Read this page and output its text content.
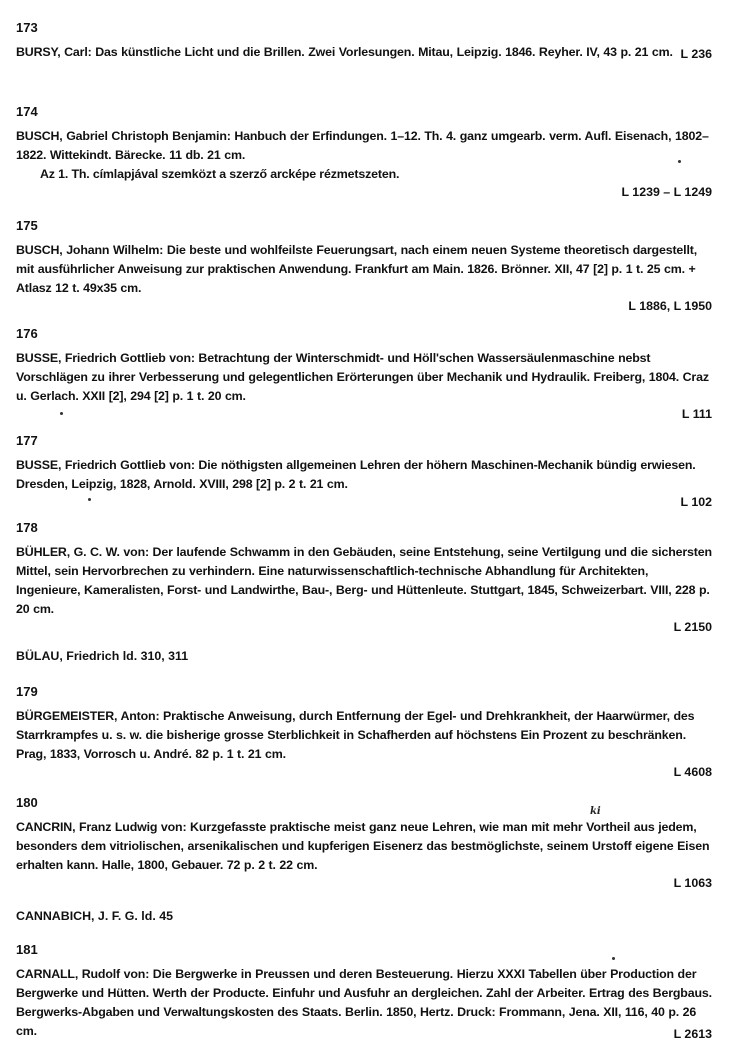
173

BURSY, Carl: Das künstliche Licht und die Brillen. Zwei Vorlesungen. Mitau, Leipzig. 1846. Reyher. IV, 43 p. 21 cm. L 236
174

BUSCH, Gabriel Christoph Benjamin: Hanbuch der Erfindungen. 1–12. Th. 4. ganz umgearb. verm. Aufl. Eisenach, 1802–1822. Wittekindt. Bärecke. 11 db. 21 cm.

Az 1. Th. címlapjával szemközt a szerző arcképe rézmetszeten.

L 1239 – L 1249
175

BUSCH, Johann Wilhelm: Die beste und wohlfeilste Feuerungsart, nach einem neuen Systeme theoretisch dargestellt, mit ausführlicher Anweisung zur praktischen Anwendung. Frankfurt am Main. 1826. Brönner. XII, 47 [2] p. 1 t. 25 cm. + Atlasz 12 t. 49x35 cm.

L 1886, L 1950
176

BUSSE, Friedrich Gottlieb von: Betrachtung der Winterschmidt- und Höll'schen Wassersäulenmaschine nebst Vorschlägen zu ihrer Verbesserung und gelegentlichen Erörterungen über Mechanik und Hydraulik. Freiberg, 1804. Craz u. Gerlach. XXII [2], 294 [2] p. 1 t. 20 cm.

L 111
177

BUSSE, Friedrich Gottlieb von: Die nöthigsten allgemeinen Lehren der höhern Maschinen-Mechanik bündig erwiesen. Dresden, Leipzig, 1828, Arnold. XVIII, 298 [2] p. 2 t. 21 cm.

L 102
178

BÜHLER, G. C. W. von: Der laufende Schwamm in den Gebäuden, seine Entstehung, seine Vertilgung und die sichersten Mittel, sein Hervorbrechen zu verhindern. Eine naturwissenschaftlich-technische Abhandlung für Architekten, Ingenieure, Kameralisten, Forst- und Landwirthe, Bau-, Berg- und Hüttenleute. Stuttgart, 1845, Schweizerbart. VIII, 228 p. 20 cm.

L 2150
BÜLAU, Friedrich ld. 310, 311
179

BÜRGEMEISTER, Anton: Praktische Anweisung, durch Entfernung der Egel- und Drehkrankheit, der Haarwürmer, des Starrkrampfes u. s. w. die bisherige grosse Sterblichkeit in Schafherden auf höchstens Ein Prozent zu beschränken. Prag, 1833, Vorrosch u. André. 82 p. 1 t. 21 cm.

L 4608
180

CANCRIN, Franz Ludwig von: Kurzgefasste praktische meist ganz neue Lehren, wie man mit mehr Vortheil aus jedem, besonders dem vitriolischen, arsenikalischen und kupferigen Eisenerz das bestmöglichste, seinem Urstoff eigene Eisen erhalten kann. Halle, 1800, Gebauer. 72 p. 2 t. 22 cm.

L 1063
ki
CANNABICH, J. F. G. ld. 45
181

CARNALL, Rudolf von: Die Bergwerke in Preussen und deren Besteuerung. Hierzu XXXI Tabellen über Production der Bergwerke und Hütten. Werth der Producte. Einfuhr und Ausfuhr an dergleichen. Zahl der Arbeiter. Ertrag des Bergbaus. Bergwerks-Abgaben und Verwaltungskosten des Staats. Berlin. 1850, Hertz. Druck: Frommann, Jena. XII, 116, 40 p. 26 cm.	L 2613
